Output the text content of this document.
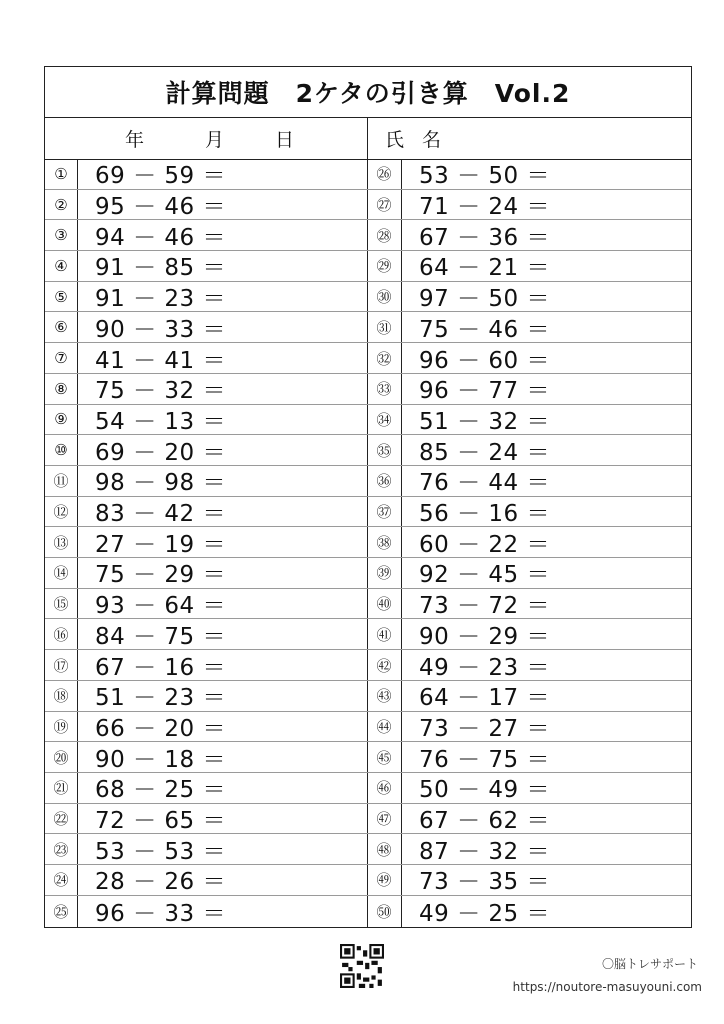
計算問題　2ケタの引き算　Vol.2
年	月	日	氏 名
①	69 － 59 ＝
②	95 － 46 ＝
③	94 － 46 ＝
④	91 － 85 ＝
⑤	91 － 23 ＝
⑥	90 － 33 ＝
⑦	41 － 41 ＝
⑧	75 － 32 ＝
⑨	54 － 13 ＝
⑩	69 － 20 ＝
⑪	98 － 98 ＝
⑫	83 － 42 ＝
⑬	27 － 19 ＝
⑭	75 － 29 ＝
⑮	93 － 64 ＝
⑯	84 － 75 ＝
⑰	67 － 16 ＝
⑱	51 － 23 ＝
⑲	66 － 20 ＝
⑳	90 － 18 ＝
㉑	68 － 25 ＝
㉒	72 － 65 ＝
㉓	53 － 53 ＝
㉔	28 － 26 ＝
㉕	96 － 33 ＝
㉖	53 － 50 ＝
㉗	71 － 24 ＝
㉘	67 － 36 ＝
㉙	64 － 21 ＝
㉚	97 － 50 ＝
㉛	75 － 46 ＝
㉜	96 － 60 ＝
㉝	96 － 77 ＝
㉞	51 － 32 ＝
㉟	85 － 24 ＝
㊱	76 － 44 ＝
㊲	56 － 16 ＝
㊳	60 － 22 ＝
㊴	92 － 45 ＝
㊵	73 － 72 ＝
㊶	90 － 29 ＝
㊷	49 － 23 ＝
㊸	64 － 17 ＝
㊹	73 － 27 ＝
㊺	76 － 75 ＝
㊻	50 － 49 ＝
㊼	67 － 62 ＝
㊽	87 － 32 ＝
㊾	73 － 35 ＝
㊿	49 － 25 ＝
〇脳トレサポート
https://noutore-masuyouni.com
